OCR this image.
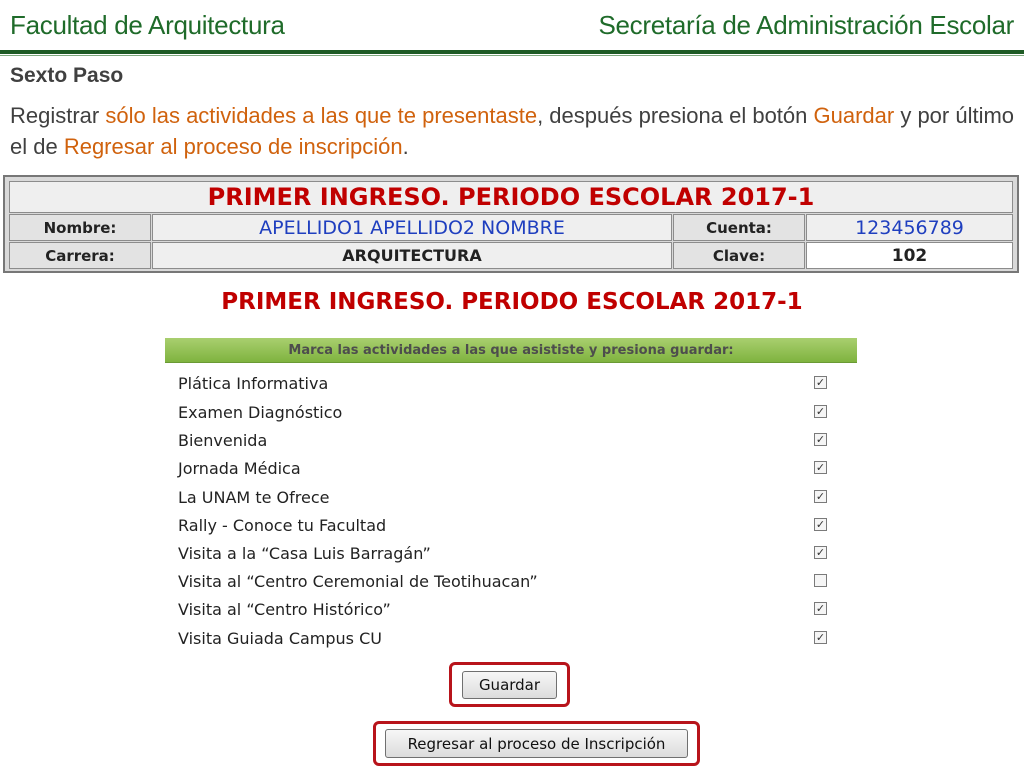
Facultad de Arquitectura	Secretaría de Administración Escolar
Sexto Paso
Registrar sólo las actividades a las que te presentaste, después presiona el botón Guardar y por último el de Regresar al proceso de inscripción.
PRIMER INGRESO. PERIODO ESCOLAR 2017-1
Nombre:	APELLIDO1 APELLIDO2 NOMBRE	Cuenta:	123456789
Carrera:	ARQUITECTURA	Clave:	102
PRIMER INGRESO. PERIODO ESCOLAR 2017-1
Marca las actividades a las que asististe y presiona guardar:
Plática Informativa	✓
Examen Diagnóstico	✓
Bienvenida	✓
Jornada Médica	✓
La UNAM te Ofrece	✓
Rally - Conoce tu Facultad	✓
Visita a la “Casa Luis Barragán”	✓
Visita al “Centro Ceremonial de Teotihuacan”
Visita al “Centro Histórico”	✓
Visita Guiada Campus CU	✓
Guardar
Regresar al proceso de Inscripción
